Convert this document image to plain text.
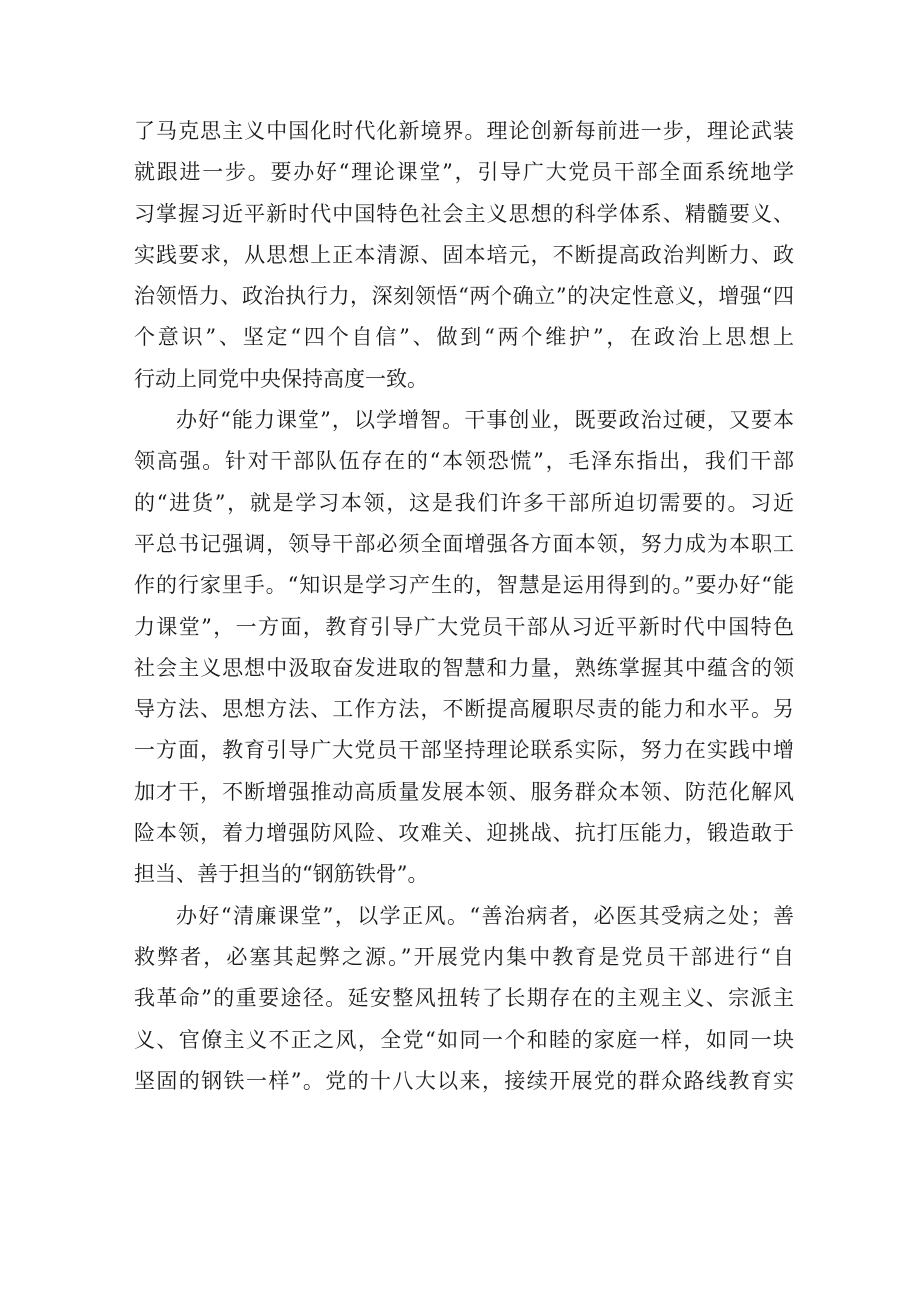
了马克思主义中国化时代化新境界。理论创新每前进一步，理论武装
就跟进一步。要办好“理论课堂”，引导广大党员干部全面系统地学
习掌握习近平新时代中国特色社会主义思想的科学体系、精髓要义、
实践要求，从思想上正本清源、固本培元，不断提高政治判断力、政
治领悟力、政治执行力，深刻领悟“两个确立”的决定性意义，增强“四
个意识”、坚定“四个自信”、做到“两个维护”，在政治上思想上
行动上同党中央保持高度一致。
办好“能力课堂”，以学增智。干事创业，既要政治过硬，又要本
领高强。针对干部队伍存在的“本领恐慌”，毛泽东指出，我们干部
的“进货”，就是学习本领，这是我们许多干部所迫切需要的。习近
平总书记强调，领导干部必须全面增强各方面本领，努力成为本职工
作的行家里手。“知识是学习产生的，智慧是运用得到的。”要办好“能
力课堂”，一方面，教育引导广大党员干部从习近平新时代中国特色
社会主义思想中汲取奋发进取的智慧和力量，熟练掌握其中蕴含的领
导方法、思想方法、工作方法，不断提高履职尽责的能力和水平。另
一方面，教育引导广大党员干部坚持理论联系实际，努力在实践中增
加才干，不断增强推动高质量发展本领、服务群众本领、防范化解风
险本领，着力增强防风险、攻难关、迎挑战、抗打压能力，锻造敢于
担当、善于担当的“钢筋铁骨”。
办好“清廉课堂”，以学正风。“善治病者，必医其受病之处；善
救弊者，必塞其起弊之源。”开展党内集中教育是党员干部进行“自
我革命”的重要途径。延安整风扭转了长期存在的主观主义、宗派主
义、官僚主义不正之风，全党“如同一个和睦的家庭一样，如同一块
坚固的钢铁一样”。党的十八大以来，接续开展党的群众路线教育实
